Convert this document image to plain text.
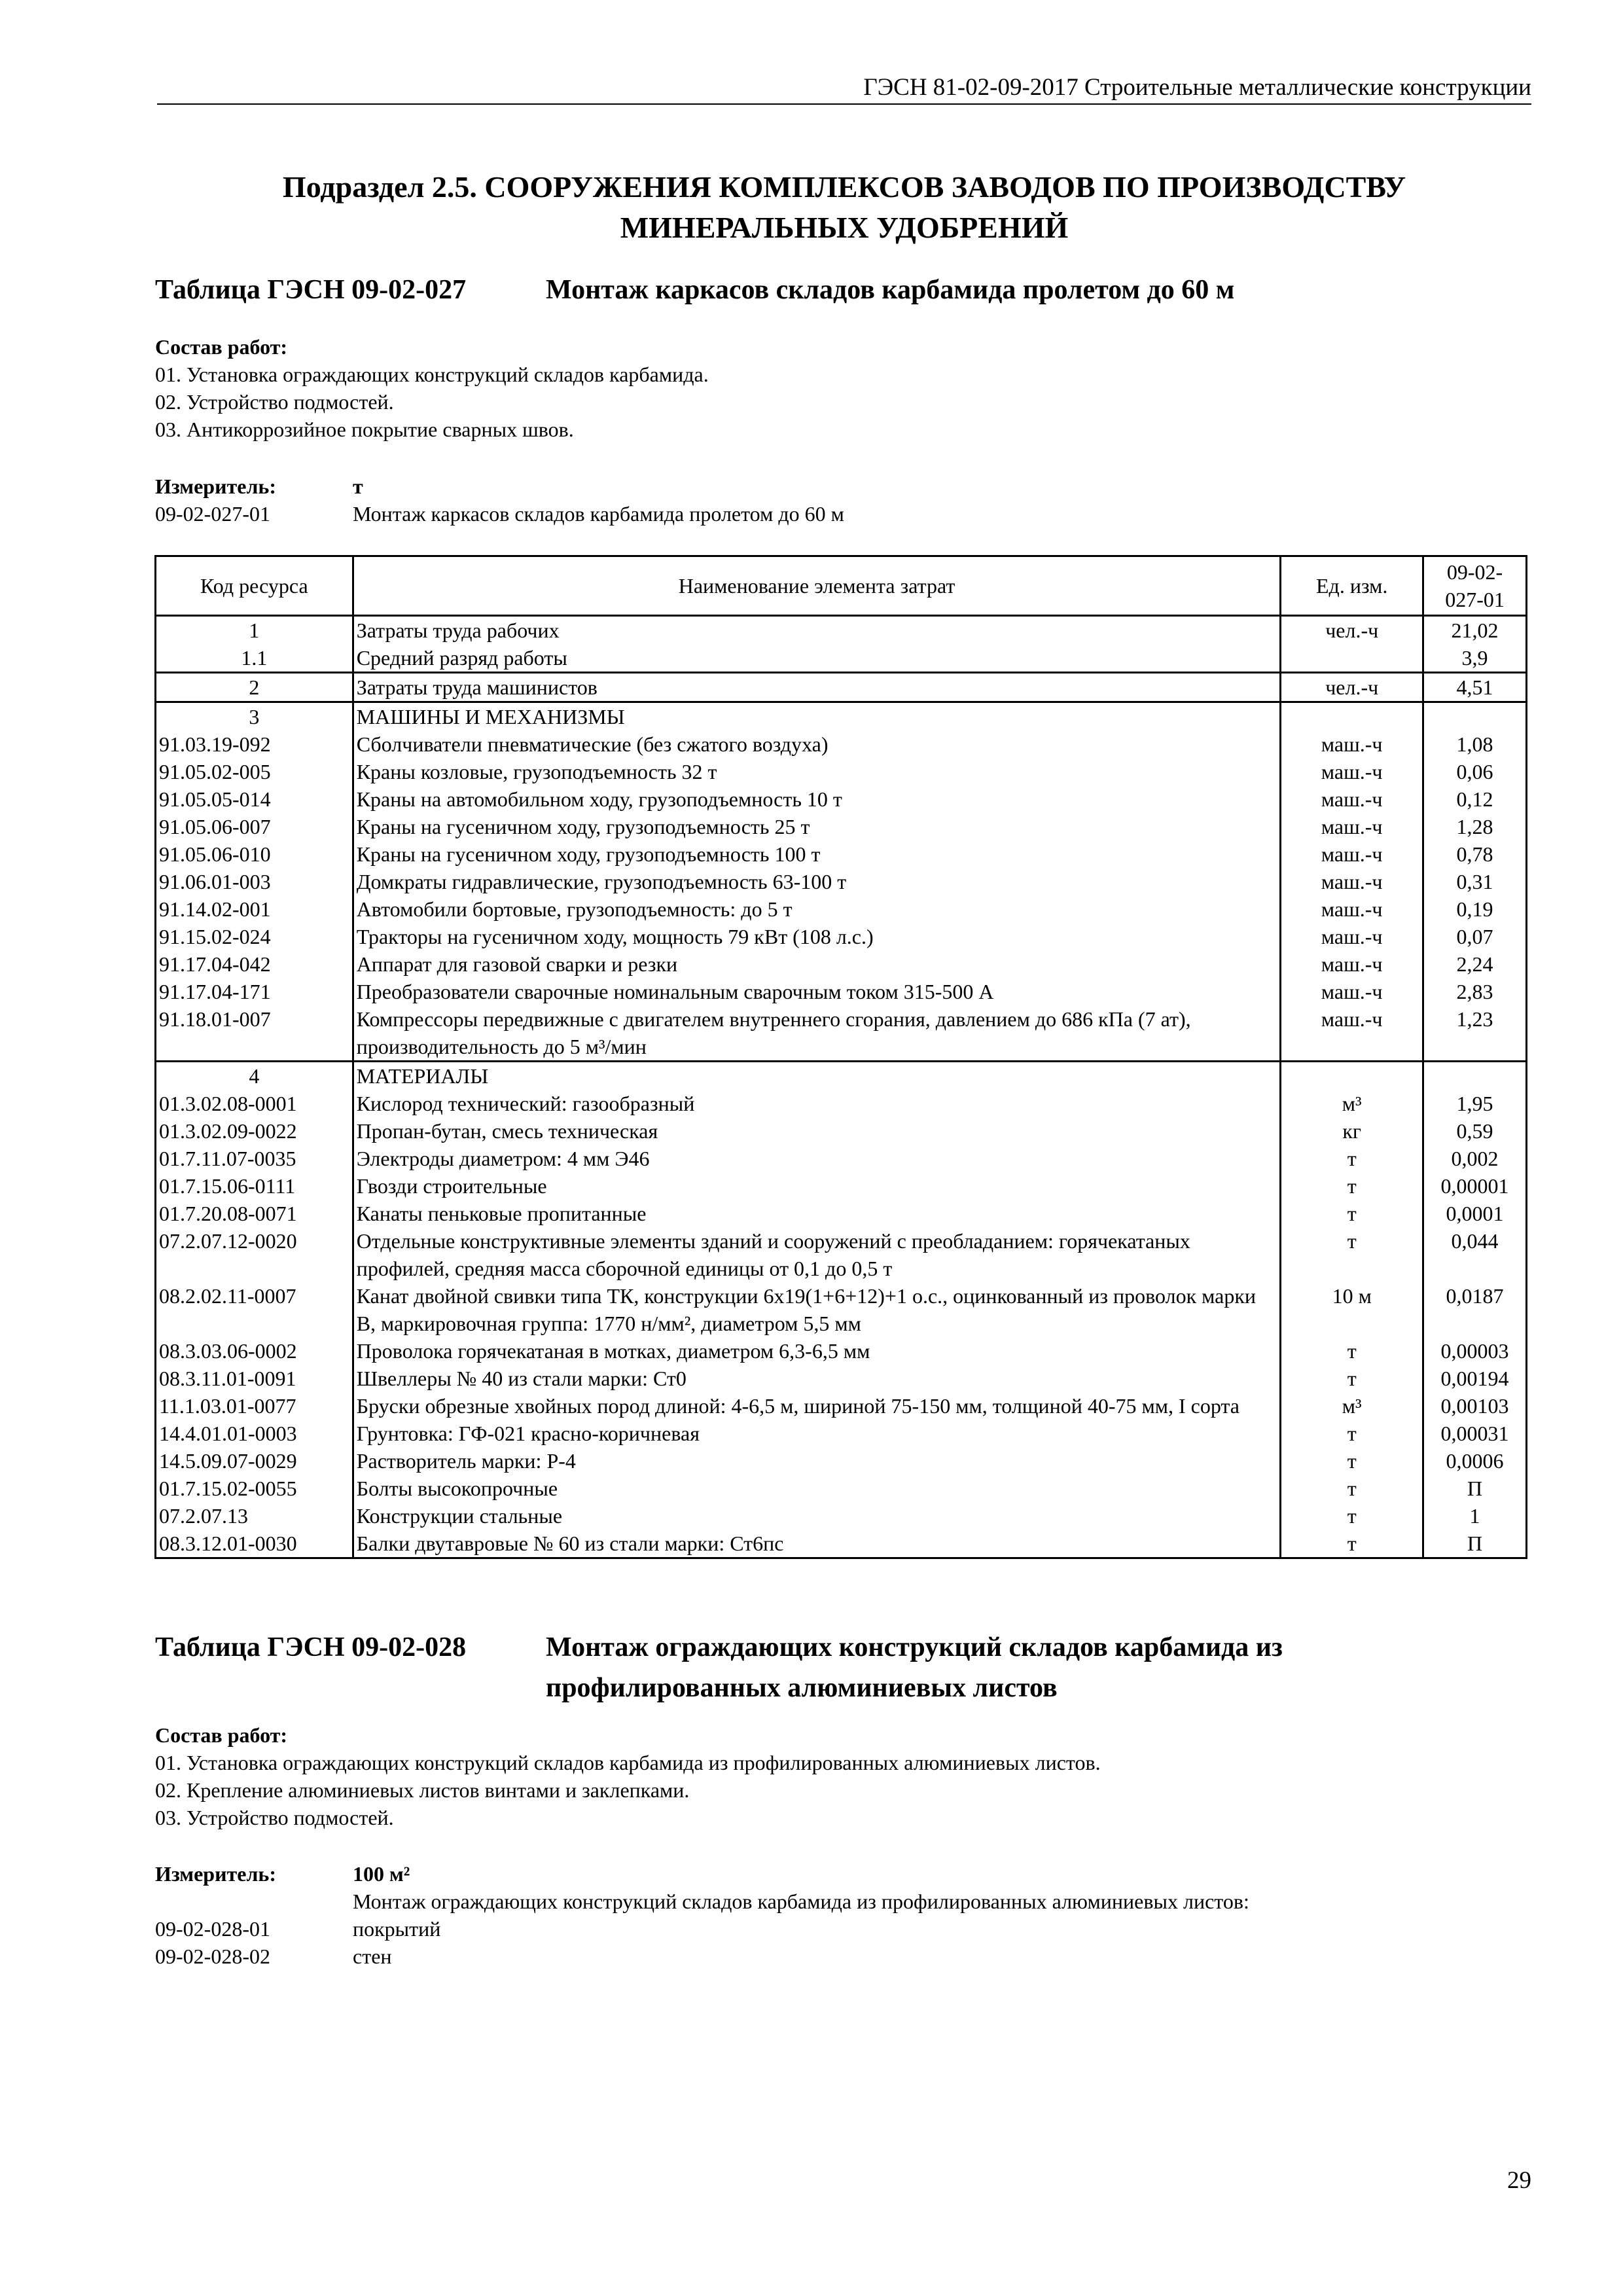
ГЭСН 81-02-09-2017 Строительные металлические конструкции
Подраздел 2.5. СООРУЖЕНИЯ КОМПЛЕКСОВ ЗАВОДОВ ПО ПРОИЗВОДСТВУ МИНЕРАЛЬНЫХ УДОБРЕНИЙ
Таблица ГЭСН 09-02-027	Монтаж каркасов складов карбамида пролетом до 60 м
Состав работ:
01. Установка ограждающих конструкций складов карбамида.
02. Устройство подмостей.
03. Антикоррозийное покрытие сварных швов.
Измеритель:	т
09-02-027-01	Монтаж каркасов складов карбамида пролетом до 60 м
Код ресурса	Наименование элемента затрат	Ед. изм.	09-02-027-01
1	Затраты труда рабочих	чел.-ч	21,02
1.1	Средний разряд работы		3,9
2	Затраты труда машинистов	чел.-ч	4,51
3	МАШИНЫ И МЕХАНИЗМЫ		
91.03.19-092	Сболчиватели пневматические (без сжатого воздуха)	маш.-ч	1,08
91.05.02-005	Краны козловые, грузоподъемность 32 т	маш.-ч	0,06
91.05.05-014	Краны на автомобильном ходу, грузоподъемность 10 т	маш.-ч	0,12
91.05.06-007	Краны на гусеничном ходу, грузоподъемность 25 т	маш.-ч	1,28
91.05.06-010	Краны на гусеничном ходу, грузоподъемность 100 т	маш.-ч	0,78
91.06.01-003	Домкраты гидравлические, грузоподъемность 63-100 т	маш.-ч	0,31
91.14.02-001	Автомобили бортовые, грузоподъемность: до 5 т	маш.-ч	0,19
91.15.02-024	Тракторы на гусеничном ходу, мощность 79 кВт (108 л.с.)	маш.-ч	0,07
91.17.04-042	Аппарат для газовой сварки и резки	маш.-ч	2,24
91.17.04-171	Преобразователи сварочные номинальным сварочным током 315-500 А	маш.-ч	2,83
91.18.01-007	Компрессоры передвижные с двигателем внутреннего сгорания, давлением до 686 кПа (7 ат), производительность до 5 м³/мин	маш.-ч	1,23
4	МАТЕРИАЛЫ		
01.3.02.08-0001	Кислород технический: газообразный	м³	1,95
01.3.02.09-0022	Пропан-бутан, смесь техническая	кг	0,59
01.7.11.07-0035	Электроды диаметром: 4 мм Э46	т	0,002
01.7.15.06-0111	Гвозди строительные	т	0,00001
01.7.20.08-0071	Канаты пеньковые пропитанные	т	0,0001
07.2.07.12-0020	Отдельные конструктивные элементы зданий и сооружений с преобладанием: горячекатаных профилей, средняя масса сборочной единицы от 0,1 до 0,5 т	т	0,044
08.2.02.11-0007	Канат двойной свивки типа ТК, конструкции 6х19(1+6+12)+1 о.с., оцинкованный из проволок марки В, маркировочная группа: 1770 н/мм², диаметром 5,5 мм	10 м	0,0187
08.3.03.06-0002	Проволока горячекатаная в мотках, диаметром 6,3-6,5 мм	т	0,00003
08.3.11.01-0091	Швеллеры № 40 из стали марки: Ст0	т	0,00194
11.1.03.01-0077	Бруски обрезные хвойных пород длиной: 4-6,5 м, шириной 75-150 мм, толщиной 40-75 мм, I сорта	м³	0,00103
14.4.01.01-0003	Грунтовка: ГФ-021 красно-коричневая	т	0,00031
14.5.09.07-0029	Растворитель марки: Р-4	т	0,0006
01.7.15.02-0055	Болты высокопрочные	т	П
07.2.07.13	Конструкции стальные	т	1
08.3.12.01-0030	Балки двутавровые № 60 из стали марки: Ст6пс	т	П

Таблица ГЭСН 09-02-028	Монтаж ограждающих конструкций складов карбамида из профилированных алюминиевых листов
Состав работ:
01. Установка ограждающих конструкций складов карбамида из профилированных алюминиевых листов.
02. Крепление алюминиевых листов винтами и заклепками.
03. Устройство подмостей.
Измеритель:	100 м²
Монтаж ограждающих конструкций складов карбамида из профилированных алюминиевых листов:
09-02-028-01	покрытий
09-02-028-02	стен
29
